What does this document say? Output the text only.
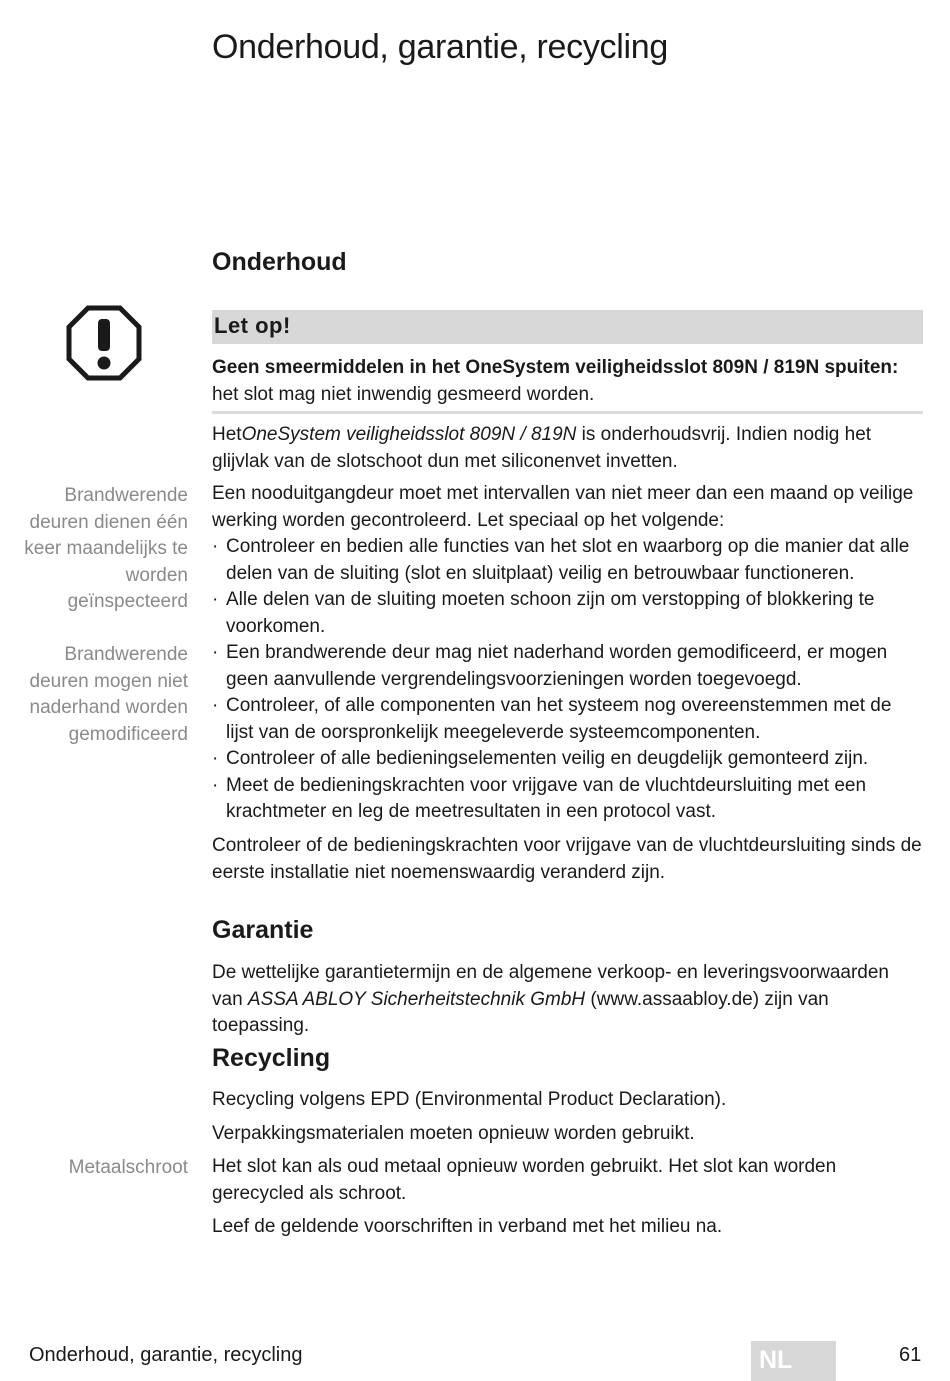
Onderhoud, garantie, recycling
Onderhoud
Let op!
Geen smeermiddelen in het OneSystem veiligheidsslot 809N / 819N spuiten: het slot mag niet inwendig gesmeerd worden.
HetOneSystem veiligheidsslot 809N / 819N is onderhoudsvrij. Indien nodig het glijvlak van de slotschoot dun met siliconenvet invetten.
Brandwerende deuren dienen één keer maandelijks te worden geïnspecteerd

Een nooduitgangdeur moet met intervallen van niet meer dan een maand op veilige werking worden gecontroleerd. Let speciaal op het volgende:

· Controleer en bedien alle functies van het slot en waarborg op die manier dat alle delen van de sluiting (slot en sluitplaat) veilig en betrouwbaar functioneren.
· Alle delen van de sluiting moeten schoon zijn om verstopping of blokkering te voorkomen.
· Een brandwerende deur mag niet naderhand worden gemodificeerd, er mogen geen aanvullende vergrendelingsvoorzieningen worden toegevoegd.
· Controleer, of alle componenten van het systeem nog overeenstemmen met de lijst van de oorspronkelijk meegeleverde systeemcomponenten.
· Controleer of alle bedieningselementen veilig en deugdelijk gemonteerd zijn.
· Meet de bedieningskrachten voor vrijgave van de vluchtdeursluiting met een krachtmeter en leg de meetresultaten in een protocol vast.
Brandwerende deuren mogen niet naderhand worden gemodificeerd
Controleer of de bedieningskrachten voor vrijgave van de vluchtdeursluiting sinds de eerste installatie niet noemenswaardig veranderd zijn.
Garantie
De wettelijke garantietermijn en de algemene verkoop- en leveringsvoorwaarden van ASSA ABLOY Sicherheitstechnik GmbH (www.assaabloy.de) zijn van toepassing.
Recycling
Recycling volgens EPD (Environmental Product Declaration).
Verpakkingsmaterialen moeten opnieuw worden gebruikt.
Metaalschroot Het slot kan als oud metaal opnieuw worden gebruikt. Het slot kan worden gerecycled als schroot.
Leef de geldende voorschriften in verband met het milieu na.
Onderhoud, garantie, recycling	NL	61
